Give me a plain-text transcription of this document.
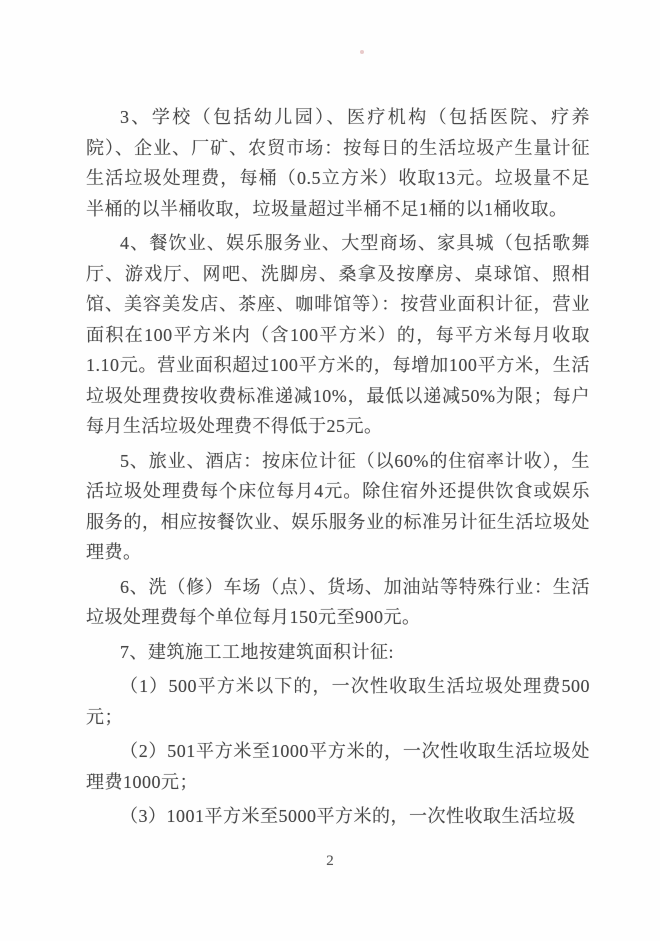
3、学校（包括幼儿园）、医疗机构（包括医院、疗养院）、企业、厂矿、农贸市场：按每日的生活垃圾产生量计征生活垃圾处理费，每桶（0.5立方米）收取13元。垃圾量不足半桶的以半桶收取，垃圾量超过半桶不足1桶的以1桶收取。

4、餐饮业、娱乐服务业、大型商场、家具城（包括歌舞厅、游戏厅、网吧、洗脚房、桑拿及按摩房、桌球馆、照相馆、美容美发店、茶座、咖啡馆等）：按营业面积计征，营业面积在100平方米内（含100平方米）的，每平方米每月收取1.10元。营业面积超过100平方米的，每增加100平方米，生活垃圾处理费按收费标准递减10%，最低以递减50%为限；每户每月生活垃圾处理费不得低于25元。

5、旅业、酒店：按床位计征（以60%的住宿率计收），生活垃圾处理费每个床位每月4元。除住宿外还提供饮食或娱乐服务的，相应按餐饮业、娱乐服务业的标准另计征生活垃圾处理费。

6、洗（修）车场（点）、货场、加油站等特殊行业：生活垃圾处理费每个单位每月150元至900元。

7、建筑施工工地按建筑面积计征:

（1）500平方米以下的，一次性收取生活垃圾处理费500元；

（2）501平方米至1000平方米的，一次性收取生活垃圾处理费1000元；

（3）1001平方米至5000平方米的，一次性收取生活垃圾

2
